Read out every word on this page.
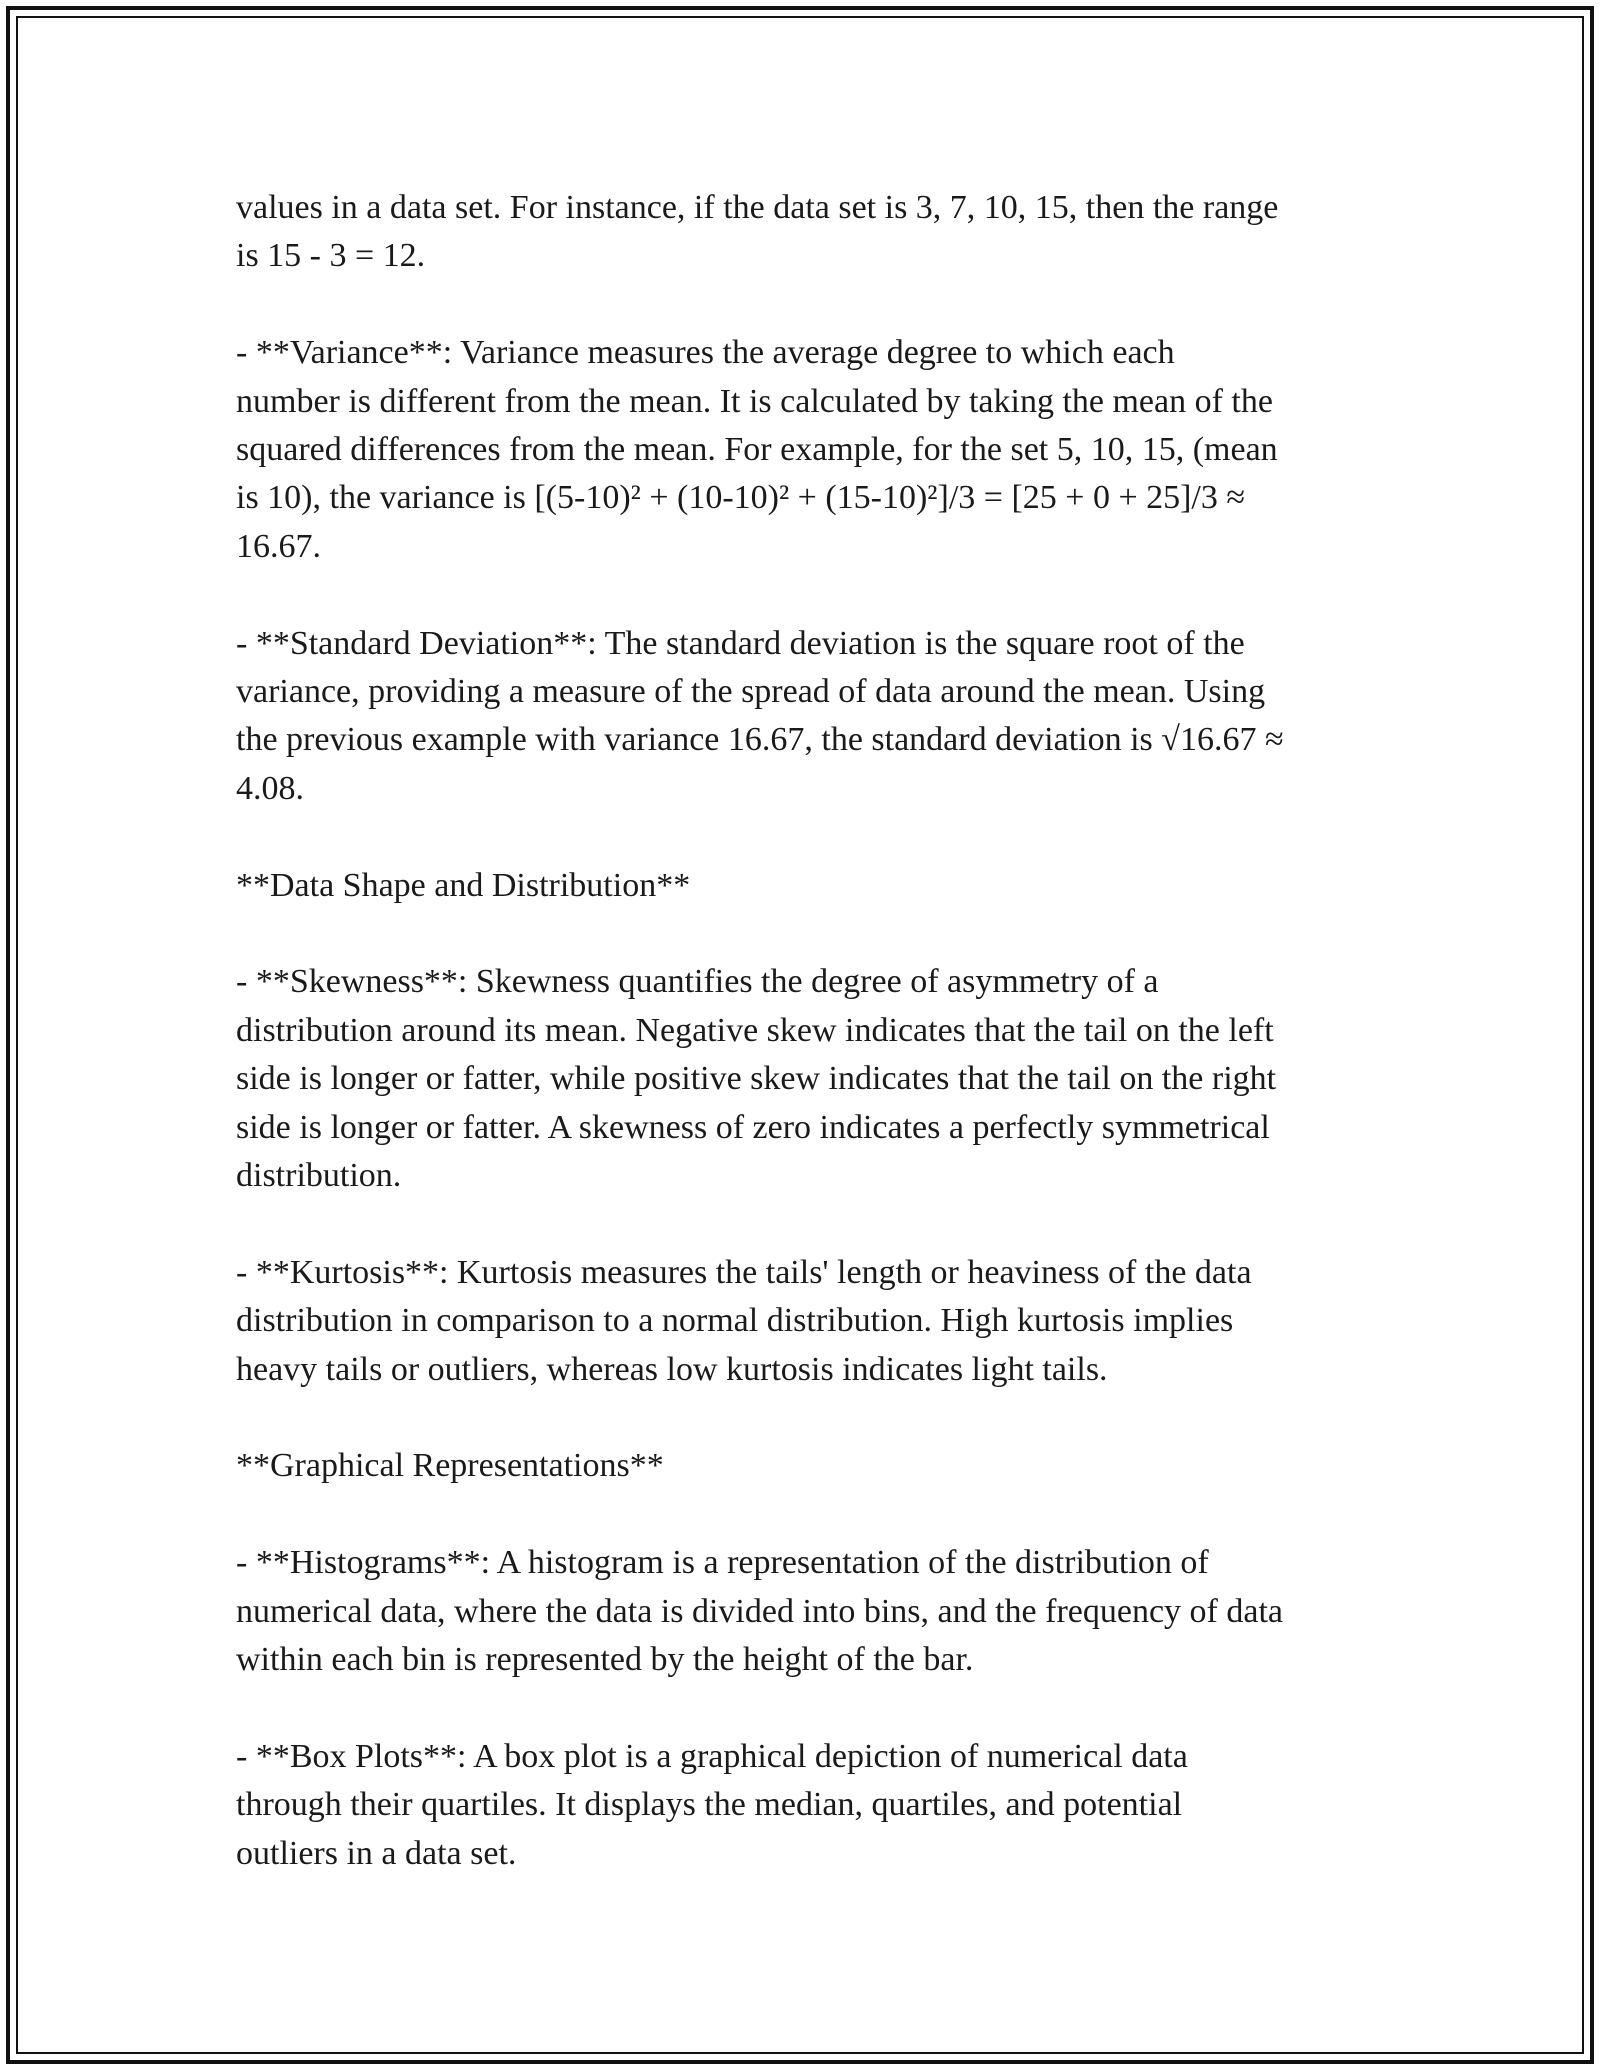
values in a data set. For instance, if the data set is 3, 7, 10, 15, then the range
is 15 - 3 = 12.

- **Variance**: Variance measures the average degree to which each
number is different from the mean. It is calculated by taking the mean of the
squared differences from the mean. For example, for the set 5, 10, 15, (mean
is 10), the variance is [(5-10)² + (10-10)² + (15-10)²]/3 = [25 + 0 + 25]/3 ≈
16.67.

- **Standard Deviation**: The standard deviation is the square root of the
variance, providing a measure of the spread of data around the mean. Using
the previous example with variance 16.67, the standard deviation is √16.67 ≈
4.08.

**Data Shape and Distribution**

- **Skewness**: Skewness quantifies the degree of asymmetry of a
distribution around its mean. Negative skew indicates that the tail on the left
side is longer or fatter, while positive skew indicates that the tail on the right
side is longer or fatter. A skewness of zero indicates a perfectly symmetrical
distribution.

- **Kurtosis**: Kurtosis measures the tails' length or heaviness of the data
distribution in comparison to a normal distribution. High kurtosis implies
heavy tails or outliers, whereas low kurtosis indicates light tails.

**Graphical Representations**

- **Histograms**: A histogram is a representation of the distribution of
numerical data, where the data is divided into bins, and the frequency of data
within each bin is represented by the height of the bar.

- **Box Plots**: A box plot is a graphical depiction of numerical data
through their quartiles. It displays the median, quartiles, and potential
outliers in a data set.
